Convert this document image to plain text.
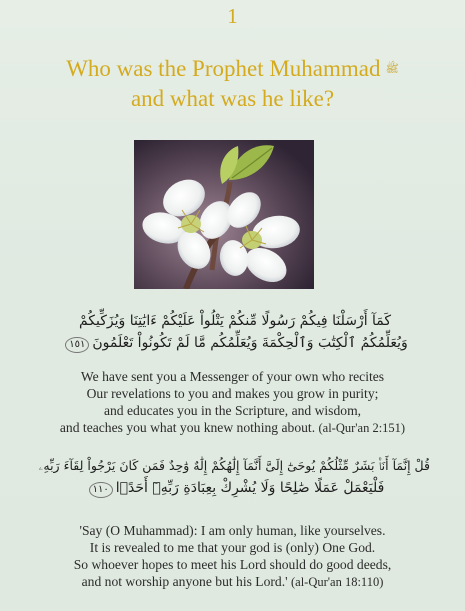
1
Who was the Prophet Muhammad ﷺ
and what was he like?
كَمَآ أَرْسَلْنَا فِيكُمْ رَسُولًا مِّنكُمْ يَتْلُواْ عَلَيْكُمْ ءَايَٰتِنَا وَيُزَكِّيكُمْ
وَيُعَلِّمُكُمُ ٱلْكِتَٰبَ وَٱلْحِكْمَةَ وَيُعَلِّمُكُم مَّا لَمْ تَكُونُواْ تَعْلَمُونَ١٥١
We have sent you a Messenger of your own who recites
Our revelations to you and makes you grow in purity;
and educates you in the Scripture, and wisdom,
and teaches you what you knew nothing about. (al-Qur'an 2:151)
قُلْ إِنَّمَآ أَنَا۠ بَشَرٌ مِّثْلُكُمْ يُوحَىٰٓ إِلَىَّ أَنَّمَآ إِلَٰهُكُمْ إِلَٰهٌ وَٰحِدٌ فَمَن كَانَ يَرْجُواْ لِقَآءَ رَبِّهِۦ
فَلْيَعْمَلْ عَمَلًا صَٰلِحًا وَلَا يُشْرِكْ بِعِبَادَةِ رَبِّهِۦٓ أَحَدًۢا١١٠
'Say (O Muhammad): I am only human, like yourselves.
It is revealed to me that your god is (only) One God.
So whoever hopes to meet his Lord should do good deeds,
and not worship anyone but his Lord.' (al-Qur'an 18:110)
